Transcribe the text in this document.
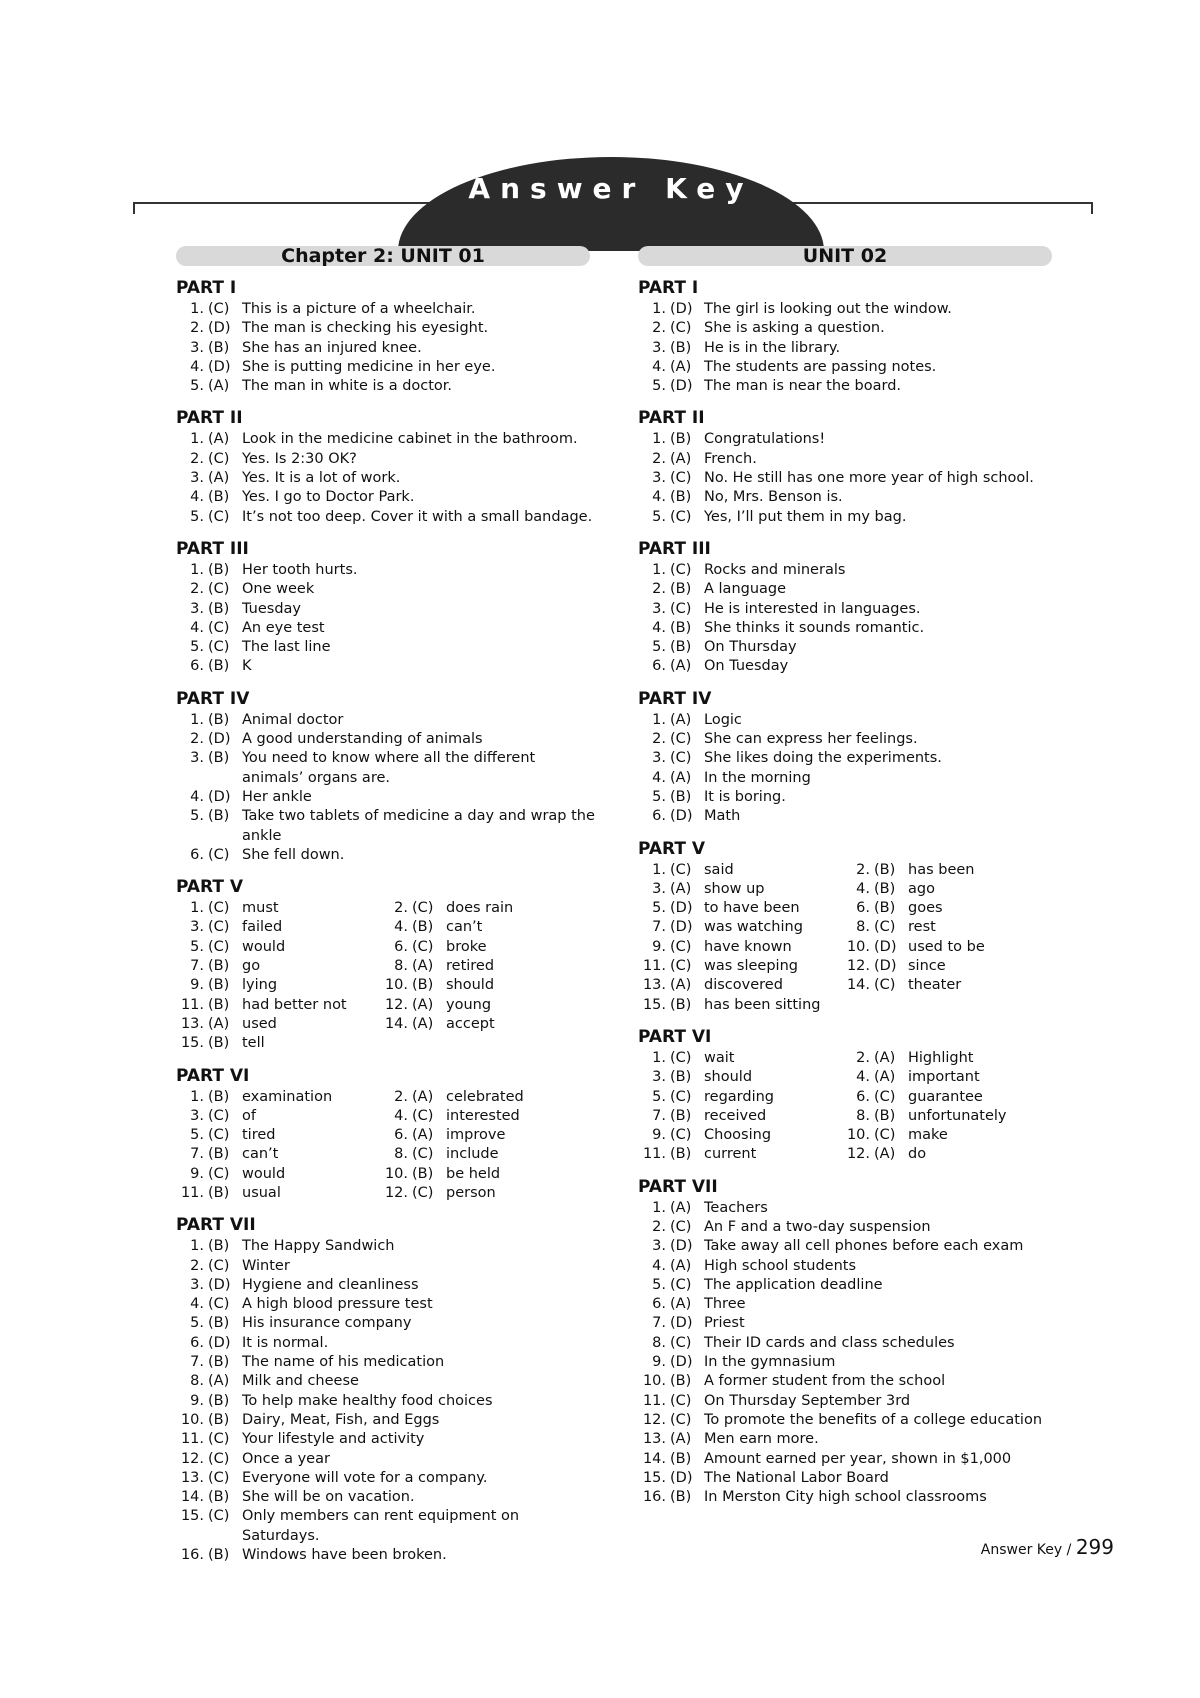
Answer Key
Chapter 2: UNIT 01
PART I
1. (C) This is a picture of a wheelchair.
2. (D) The man is checking his eyesight.
3. (B) She has an injured knee.
4. (D) She is putting medicine in her eye.
5. (A) The man in white is a doctor.
PART II
1. (A) Look in the medicine cabinet in the bathroom.
2. (C) Yes. Is 2:30 OK?
3. (A) Yes. It is a lot of work.
4. (B) Yes. I go to Doctor Park.
5. (C) It’s not too deep. Cover it with a small bandage.
PART III
1. (B) Her tooth hurts.
2. (C) One week
3. (B) Tuesday
4. (C) An eye test
5. (C) The last line
6. (B) K
PART IV
1. (B) Animal doctor
2. (D) A good understanding of animals
3. (B) You need to know where all the different animals’ organs are.
4. (D) Her ankle
5. (B) Take two tablets of medicine a day and wrap the ankle
6. (C) She fell down.
PART V
1. (C) must	2. (C) does rain
3. (C) failed	4. (B) can’t
5. (C) would	6. (C) broke
7. (B) go	8. (A) retired
9. (B) lying	10. (B) should
11. (B) had better not	12. (A) young
13. (A) used	14. (A) accept
15. (B) tell
PART VI
1. (B) examination	2. (A) celebrated
3. (C) of	4. (C) interested
5. (C) tired	6. (A) improve
7. (B) can’t	8. (C) include
9. (C) would	10. (B) be held
11. (B) usual	12. (C) person
PART VII
1. (B) The Happy Sandwich
2. (C) Winter
3. (D) Hygiene and cleanliness
4. (C) A high blood pressure test
5. (B) His insurance company
6. (D) It is normal.
7. (B) The name of his medication
8. (A) Milk and cheese
9. (B) To help make healthy food choices
10. (B) Dairy, Meat, Fish, and Eggs
11. (C) Your lifestyle and activity
12. (C) Once a year
13. (C) Everyone will vote for a company.
14. (B) She will be on vacation.
15. (C) Only members can rent equipment on Saturdays.
16. (B) Windows have been broken.
UNIT 02
PART I
1. (D) The girl is looking out the window.
2. (C) She is asking a question.
3. (B) He is in the library.
4. (A) The students are passing notes.
5. (D) The man is near the board.
PART II
1. (B) Congratulations!
2. (A) French.
3. (C) No. He still has one more year of high school.
4. (B) No, Mrs. Benson is.
5. (C) Yes, I’ll put them in my bag.
PART III
1. (C) Rocks and minerals
2. (B) A language
3. (C) He is interested in languages.
4. (B) She thinks it sounds romantic.
5. (B) On Thursday
6. (A) On Tuesday
PART IV
1. (A) Logic
2. (C) She can express her feelings.
3. (C) She likes doing the experiments.
4. (A) In the morning
5. (B) It is boring.
6. (D) Math
PART V
1. (C) said	2. (B) has been
3. (A) show up	4. (B) ago
5. (D) to have been	6. (B) goes
7. (D) was watching	8. (C) rest
9. (C) have known	10. (D) used to be
11. (C) was sleeping	12. (D) since
13. (A) discovered	14. (C) theater
15. (B) has been sitting
PART VI
1. (C) wait	2. (A) Highlight
3. (B) should	4. (A) important
5. (C) regarding	6. (C) guarantee
7. (B) received	8. (B) unfortunately
9. (C) Choosing	10. (C) make
11. (B) current	12. (A) do
PART VII
1. (A) Teachers
2. (C) An F and a two-day suspension
3. (D) Take away all cell phones before each exam
4. (A) High school students
5. (C) The application deadline
6. (A) Three
7. (D) Priest
8. (C) Their ID cards and class schedules
9. (D) In the gymnasium
10. (B) A former student from the school
11. (C) On Thursday September 3rd
12. (C) To promote the benefits of a college education
13. (A) Men earn more.
14. (B) Amount earned per year, shown in $1,000
15. (D) The National Labor Board
16. (B) In Merston City high school classrooms
Answer Key / 299
